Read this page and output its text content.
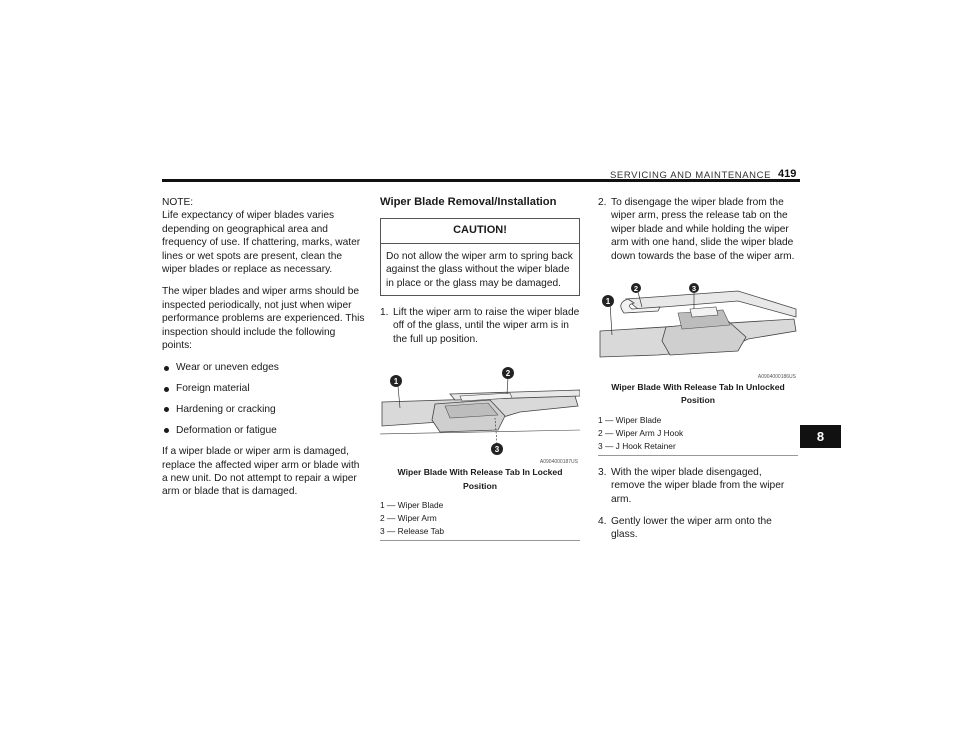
SERVICING AND MAINTENANCE 419
8

NOTE:

Life expectancy of wiper blades varies depending on geographical area and frequency of use. If chattering, marks, water lines or wet spots are present, clean the wiper blades or replace as necessary.

The wiper blades and wiper arms should be inspected periodically, not just when wiper performance problems are experienced. This inspection should include the following points:

Wear or uneven edges
Foreign material
Hardening or cracking
Deformation or fatigue

If a wiper blade or wiper arm is damaged, replace the affected wiper arm or blade with a new unit. Do not attempt to repair a wiper arm or blade that is damaged.

Wiper Blade Removal/Installation

CAUTION!
Do not allow the wiper arm to spring back against the glass without the wiper blade in place or the glass may be damaged.
1. Lift the wiper arm to raise the wiper blade off of the glass, until the wiper arm is in the full up position.
1
2
3
A0904000187US

Wiper Blade With Release Tab In Locked Position

1 — Wiper Blade
2 — Wiper Arm
3 — Release Tab
2. To disengage the wiper blade from the wiper arm, press the release tab on the wiper blade and while holding the wiper arm with one hand, slide the wiper blade down towards the base of the wiper arm.
1
2	3
A0904000186US

Wiper Blade With Release Tab In Unlocked Position

1 — Wiper Blade
2 — Wiper Arm J Hook
3 — J Hook Retainer
3. With the wiper blade disengaged, remove the wiper blade from the wiper arm.
4. Gently lower the wiper arm onto the glass.
